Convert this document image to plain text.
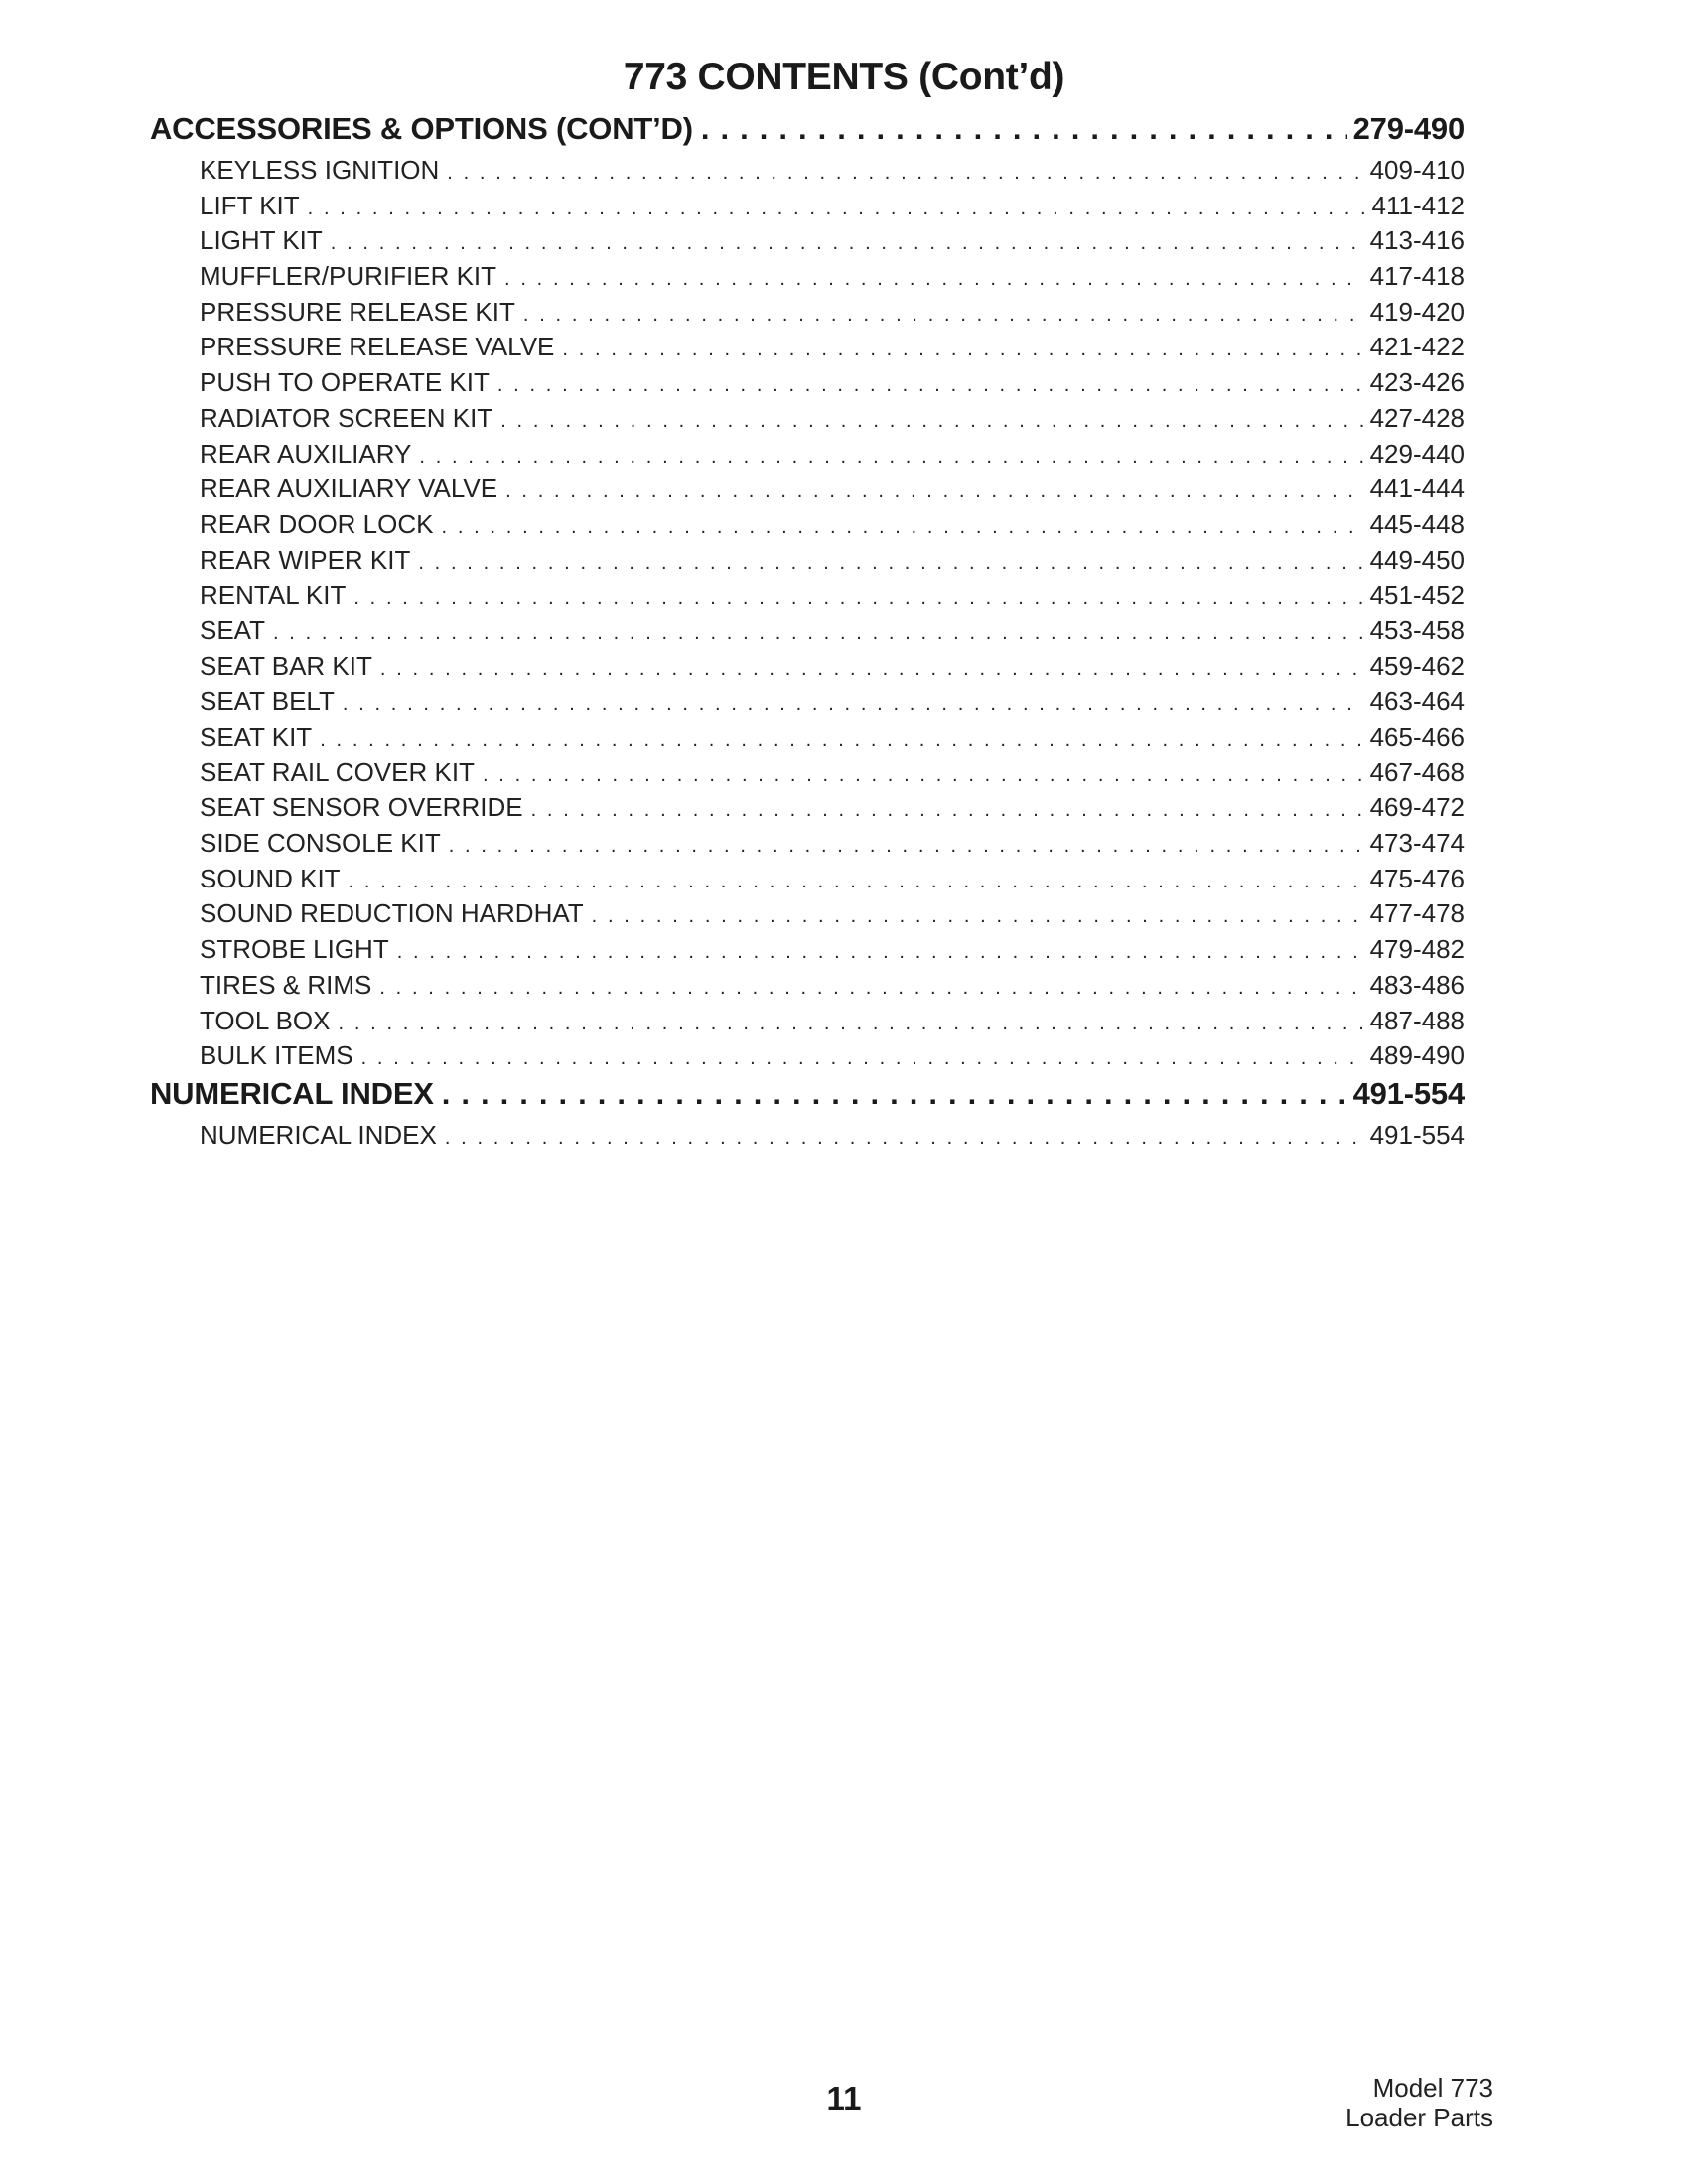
773 CONTENTS (Cont’d)
ACCESSORIES & OPTIONS (CONT’D) . . .	279-490
KEYLESS IGNITION . . .	409-410
LIFT KIT . . .	411-412
LIGHT KIT . . .	413-416
MUFFLER/PURIFIER KIT . . .	417-418
PRESSURE RELEASE KIT . . .	419-420
PRESSURE RELEASE VALVE . . .	421-422
PUSH TO OPERATE KIT . . .	423-426
RADIATOR SCREEN KIT . . .	427-428
REAR AUXILIARY . . .	429-440
REAR AUXILIARY VALVE . . .	441-444
REAR DOOR LOCK . . .	445-448
REAR WIPER KIT . . .	449-450
RENTAL KIT . . .	451-452
SEAT . . .	453-458
SEAT BAR KIT . . .	459-462
SEAT BELT . . .	463-464
SEAT KIT . . .	465-466
SEAT RAIL COVER KIT . . .	467-468
SEAT SENSOR OVERRIDE . . .	469-472
SIDE CONSOLE KIT . . .	473-474
SOUND KIT . . .	475-476
SOUND REDUCTION HARDHAT . . .	477-478
STROBE LIGHT . . .	479-482
TIRES & RIMS . . .	483-486
TOOL BOX . . .	487-488
BULK ITEMS . . .	489-490
NUMERICAL INDEX . . .	491-554
NUMERICAL INDEX . . .	491-554
11	Model 773
Loader Parts
